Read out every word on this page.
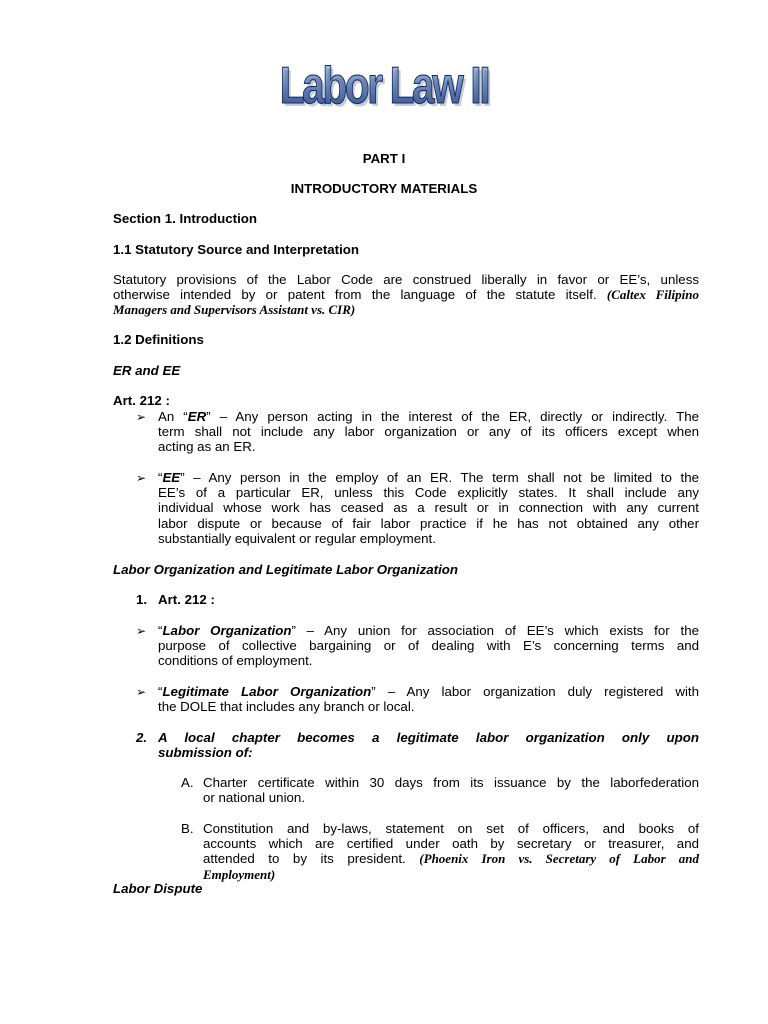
Labor Law II
PART I
INTRODUCTORY MATERIALS
Section 1. Introduction
1.1 Statutory Source and Interpretation
Statutory provisions of the Labor Code are construed liberally in favor or EE’s, unless
otherwise intended by or patent from the language of the statute itself. (Caltex Filipino
Managers and Supervisors Assistant vs. CIR)
1.2 Definitions
ER and EE
Art. 212 :
➢ An “ER” – Any person acting in the interest of the ER, directly or indirectly. The
term shall not include any labor organization or any of its officers except when
acting as an ER.
➢ “EE” – Any person in the employ of an ER. The term shall not be limited to the
EE’s of a particular ER, unless this Code explicitly states. It shall include any
individual whose work has ceased as a result or in connection with any current
labor dispute or because of fair labor practice if he has not obtained any other
substantially equivalent or regular employment.
Labor Organization and Legitimate Labor Organization
1. Art. 212 :
➢ “Labor Organization” – Any union for association of EE’s which exists for the
purpose of collective bargaining or of dealing with E’s concerning terms and
conditions of employment.
➢ “Legitimate Labor Organization” – Any labor organization duly registered with
the DOLE that includes any branch or local.
2. A local chapter becomes a legitimate labor organization only upon
submission of:
A. Charter certificate within 30 days from its issuance by the laborfederation
or national union.
B. Constitution and by-laws, statement on set of officers, and books of
accounts which are certified under oath by secretary or treasurer, and
attended to by its president. (Phoenix Iron vs. Secretary of Labor and
Employment)
Labor Dispute
